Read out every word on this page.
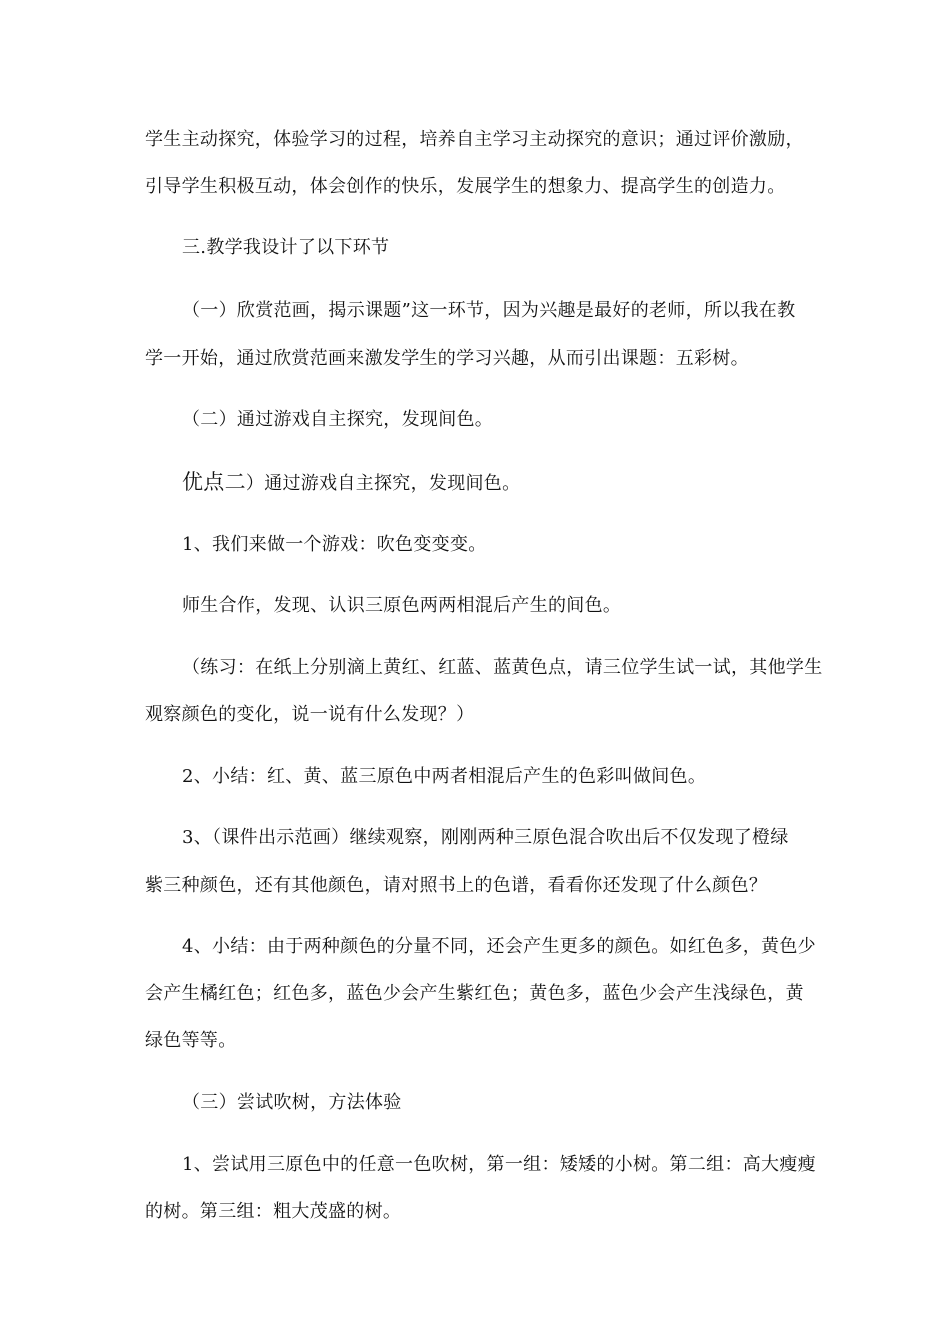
学生主动探究，体验学习的过程，培养自主学习主动探究的意识；通过评价激励，
引导学生积极互动，体会创作的快乐，发展学生的想象力、提高学生的创造力。
三.教学我设计了以下环节
（一）欣赏范画，揭示课题”这一环节，因为兴趣是最好的老师，所以我在教
学一开始，通过欣赏范画来激发学生的学习兴趣，从而引出课题：五彩树。
（二）通过游戏自主探究，发现间色。
优点二）通过游戏自主探究，发现间色。
1、我们来做一个游戏：吹色变变变。
师生合作，发现、认识三原色两两相混后产生的间色。
（练习：在纸上分别滴上黄红、红蓝、蓝黄色点，请三位学生试一试，其他学生
观察颜色的变化，说一说有什么发现？）
2、小结：红、黄、蓝三原色中两者相混后产生的色彩叫做间色。
3、（课件出示范画）继续观察，刚刚两种三原色混合吹出后不仅发现了橙绿
紫三种颜色，还有其他颜色，请对照书上的色谱，看看你还发现了什么颜色？
4、小结：由于两种颜色的分量不同，还会产生更多的颜色。如红色多，黄色少
会产生橘红色；红色多，蓝色少会产生紫红色；黄色多，蓝色少会产生浅绿色，黄
绿色等等。
（三）尝试吹树，方法体验
1、尝试用三原色中的任意一色吹树，第一组：矮矮的小树。第二组：高大瘦瘦
的树。第三组：粗大茂盛的树。
